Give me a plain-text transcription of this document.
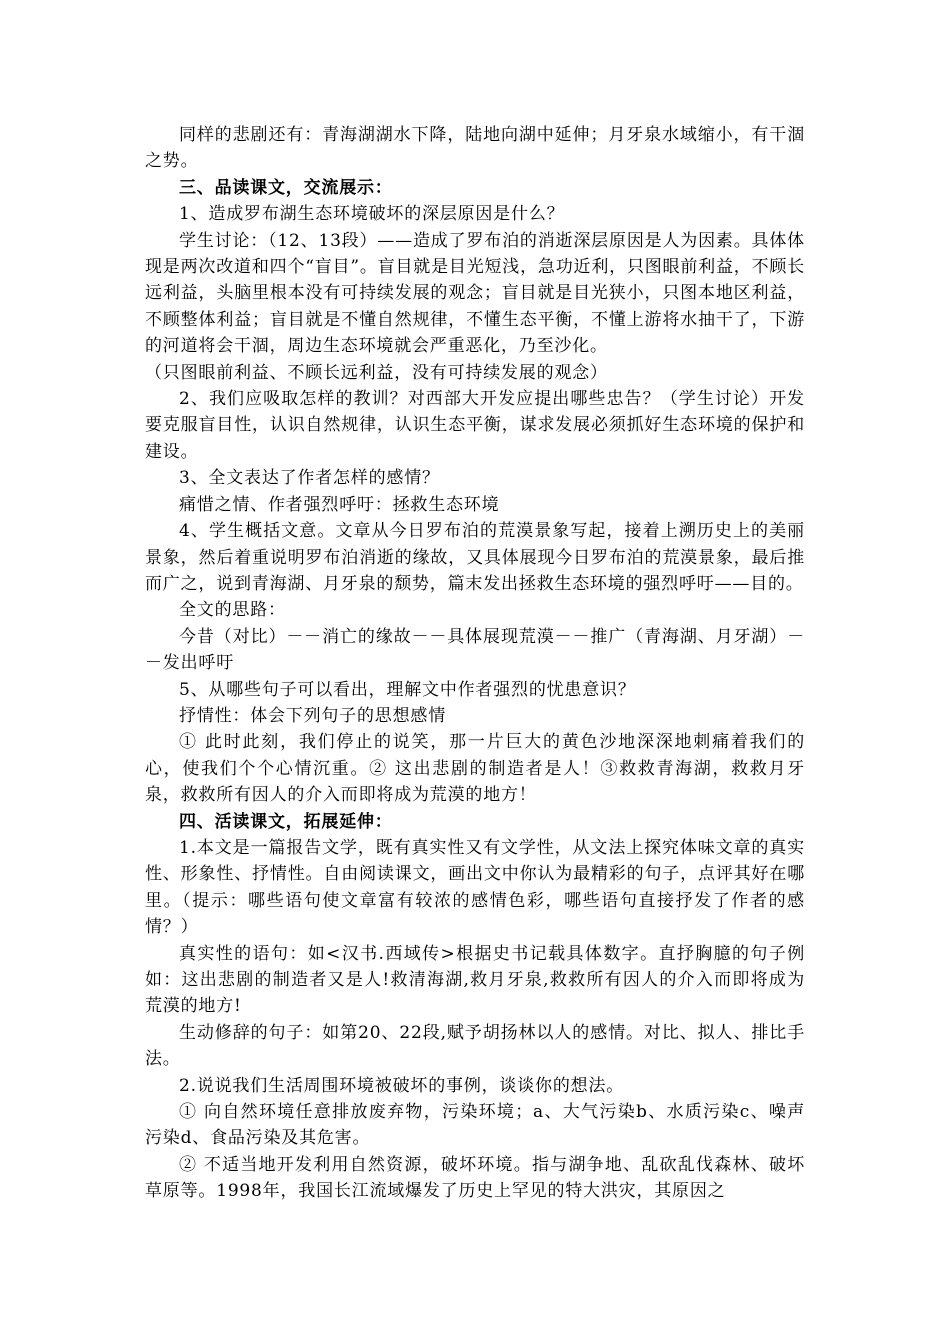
同样的悲剧还有：青海湖湖水下降，陆地向湖中延伸；月牙泉水域缩小，有干涸之势。

三、品读课文，交流展示：

1、造成罗布湖生态环境破坏的深层原因是什么？

学生讨论：（12、13段）——造成了罗布泊的消逝深层原因是人为因素。具体体现是两次改道和四个“盲目”。盲目就是目光短浅，急功近利，只图眼前利益，不顾长远利益，头脑里根本没有可持续发展的观念；盲目就是目光狭小，只图本地区利益，不顾整体利益；盲目就是不懂自然规律，不懂生态平衡，不懂上游将水抽干了，下游的河道将会干涸，周边生态环境就会严重恶化，乃至沙化。

（只图眼前利益、不顾长远利益，没有可持续发展的观念）

2、我们应吸取怎样的教训？对西部大开发应提出哪些忠告？（学生讨论）开发要克服盲目性，认识自然规律，认识生态平衡，谋求发展必须抓好生态环境的保护和建设。

3、全文表达了作者怎样的感情？

痛惜之情、作者强烈呼吁：拯救生态环境

4、学生概括文意。文章从今日罗布泊的荒漠景象写起，接着上溯历史上的美丽景象，然后着重说明罗布泊消逝的缘故，又具体展现今日罗布泊的荒漠景象，最后推而广之，说到青海湖、月牙泉的颓势，篇末发出拯救生态环境的强烈呼吁——目的。

全文的思路：

今昔（对比）－－消亡的缘故－－具体展现荒漠－－推广（青海湖、月牙湖）－－发出呼吁

5、从哪些句子可以看出，理解文中作者强烈的忧患意识？

抒情性：体会下列句子的思想感情

① 此时此刻，我们停止的说笑，那一片巨大的黄色沙地深深地刺痛着我们的心，使我们个个心情沉重。② 这出悲剧的制造者是人！③救救青海湖，救救月牙泉，救救所有因人的介入而即将成为荒漠的地方！

四、活读课文，拓展延伸：

1.本文是一篇报告文学，既有真实性又有文学性，从文法上探究体味文章的真实性、形象性、抒情性。自由阅读课文，画出文中你认为最精彩的句子，点评其好在哪里。（提示：哪些语句使文章富有较浓的感情色彩，哪些语句直接抒发了作者的感情？）

真实性的语句：如<汉书.西域传>根据史书记载具体数字。直抒胸臆的句子例如：这出悲剧的制造者又是人!救清海湖,救月牙泉,救救所有因人的介入而即将成为荒漠的地方!

生动修辞的句子：如第20、22段,赋予胡扬林以人的感情。对比、拟人、排比手法。

2.说说我们生活周围环境被破坏的事例，谈谈你的想法。

① 向自然环境任意排放废弃物，污染环境；a、大气污染b、水质污染c、噪声污染d、食品污染及其危害。

② 不适当地开发利用自然资源，破坏环境。指与湖争地、乱砍乱伐森林、破坏草原等。1998年，我国长江流域爆发了历史上罕见的特大洪灾，其原因之
